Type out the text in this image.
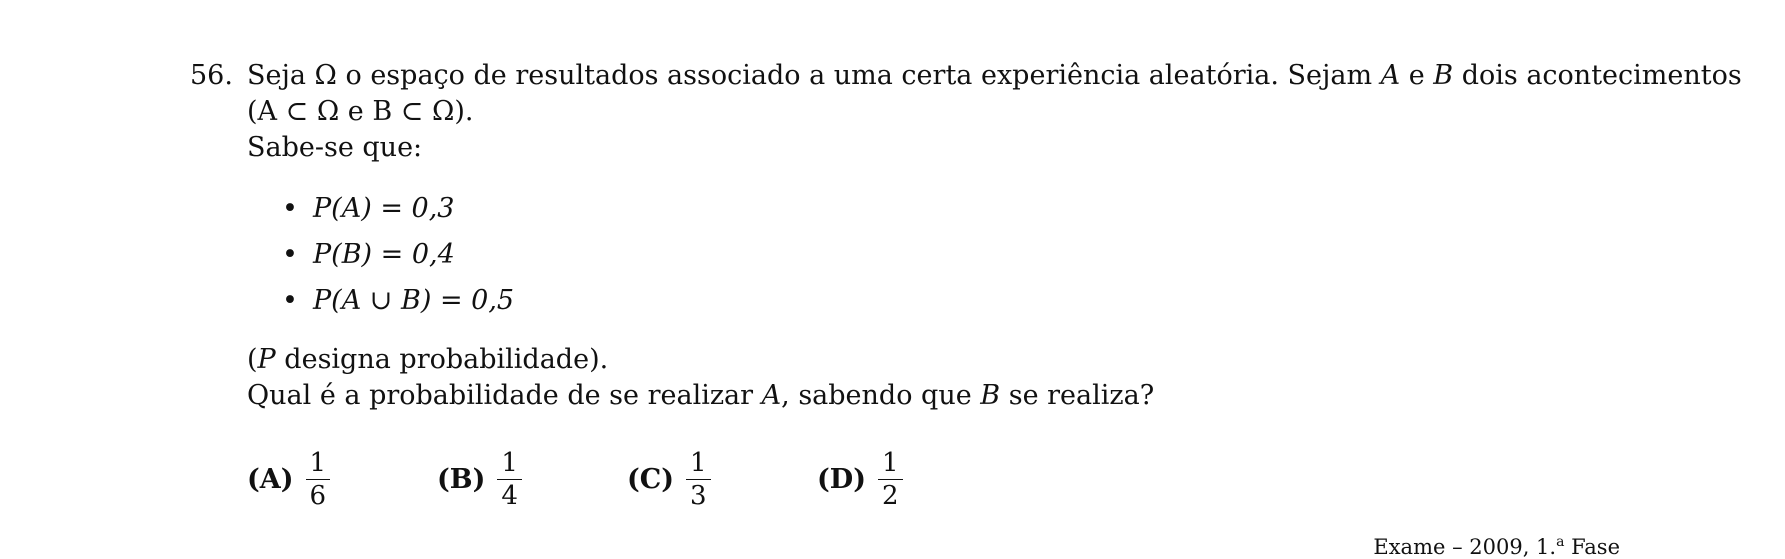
56. Seja Ω o espaço de resultados associado a uma certa experiência aleatória. Sejam A e B dois acontecimentos
(A ⊂ Ω e B ⊂ Ω).
Sabe-se que:
• P(A) = 0,3
• P(B) = 0,4
• P(A ∪ B) = 0,5
(P designa probabilidade).
Qual é a probabilidade de se realizar A, sabendo que B se realiza?
$(A) \frac{1}{6}$	$(B) \frac{1}{4}$	$(C) \frac{1}{3}$	$(D) \frac{1}{2}$
Exame – 2009, 1.$^a$ Fase
